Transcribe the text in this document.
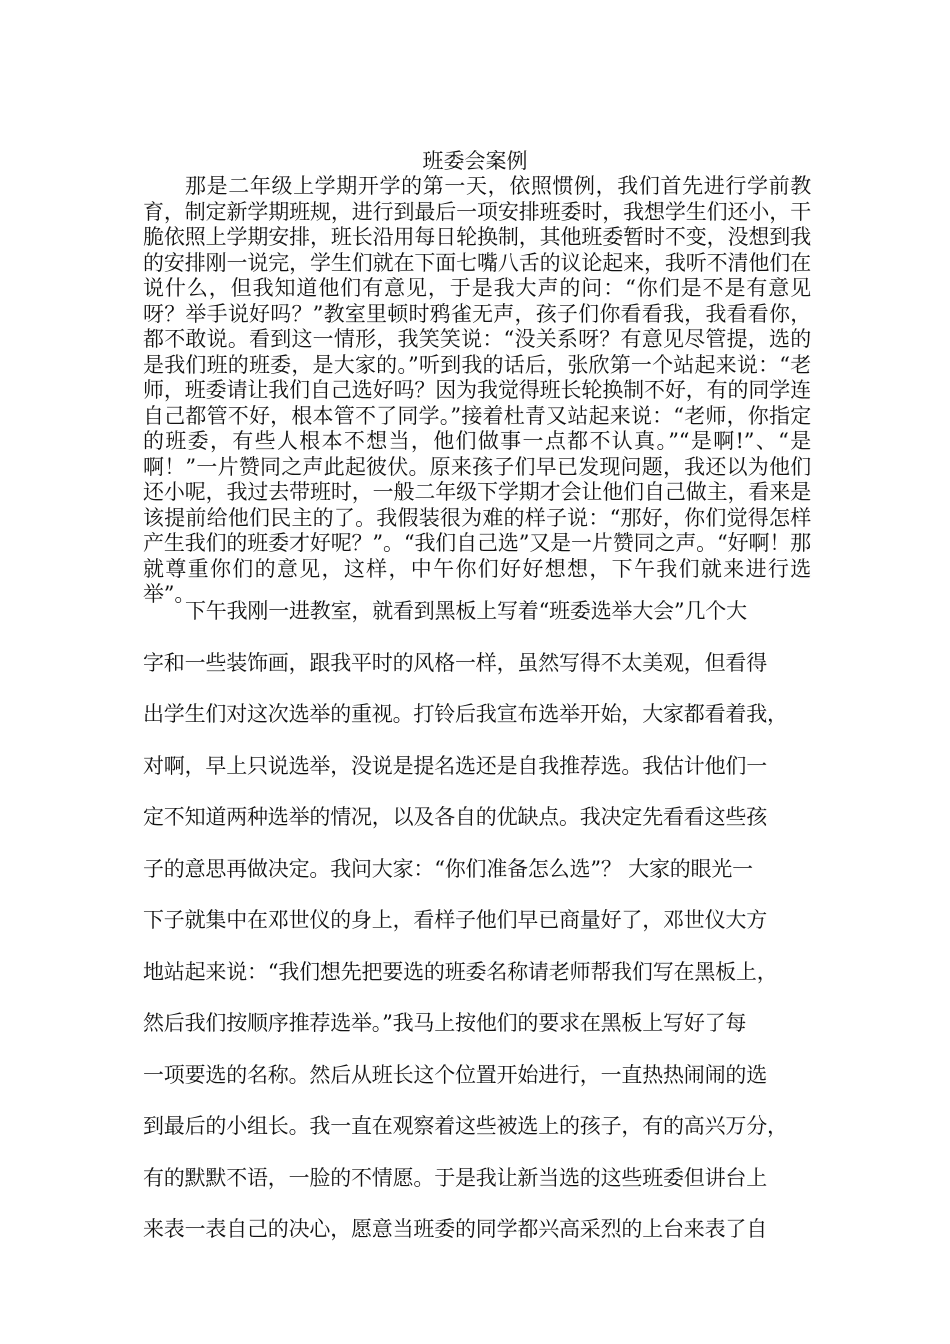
班委会案例

那是二年级上学期开学的第一天，依照惯例，我们首先进行学前教育，制定新学期班规，进行到最后一项安排班委时，我想学生们还小，干脆依照上学期安排，班长沿用每日轮换制，其他班委暂时不变，没想到我的安排刚一说完，学生们就在下面七嘴八舌的议论起来，我听不清他们在说什么，但我知道他们有意见，于是我大声的问：“你们是不是有意见呀？举手说好吗？”教室里顿时鸦雀无声，孩子们你看看我，我看看你，都不敢说。看到这一情形，我笑笑说：“没关系呀？有意见尽管提，选的是我们班的班委，是大家的。”听到我的话后，张欣第一个站起来说：“老师，班委请让我们自己选好吗？因为我觉得班长轮换制不好，有的同学连自己都管不好，根本管不了同学。”接着杜青又站起来说：“老师，你指定的班委，有些人根本不想当，他们做事一点都不认真。”“是啊!”、“是啊！”一片赞同之声此起彼伏。原来孩子们早已发现问题，我还以为他们还小呢，我过去带班时，一般二年级下学期才会让他们自己做主，看来是该提前给他们民主的了。我假装很为难的样子说：“那好，你们觉得怎样产生我们的班委才好呢？”。“我们自己选”又是一片赞同之声。“好啊！那就尊重你们的意见，这样，中午你们好好想想，下午我们就来进行选举”。

下午我刚一进教室，就看到黑板上写着“班委选举大会”几个大
字和一些装饰画，跟我平时的风格一样，虽然写得不太美观，但看得
出学生们对这次选举的重视。打铃后我宣布选举开始，大家都看着我，
对啊，早上只说选举，没说是提名选还是自我推荐选。我估计他们一
定不知道两种选举的情况，以及各自的优缺点。我决定先看看这些孩
子的意思再做决定。我问大家：“你们准备怎么选”？ 大家的眼光一
下子就集中在邓世仪的身上，看样子他们早已商量好了，邓世仪大方
地站起来说：“我们想先把要选的班委名称请老师帮我们写在黑板上，
然后我们按顺序推荐选举。”我马上按他们的要求在黑板上写好了每
一项要选的名称。然后从班长这个位置开始进行，一直热热闹闹的选
到最后的小组长。我一直在观察着这些被选上的孩子，有的高兴万分，
有的默默不语，一脸的不情愿。于是我让新当选的这些班委但讲台上
来表一表自己的决心，愿意当班委的同学都兴高采烈的上台来表了自
